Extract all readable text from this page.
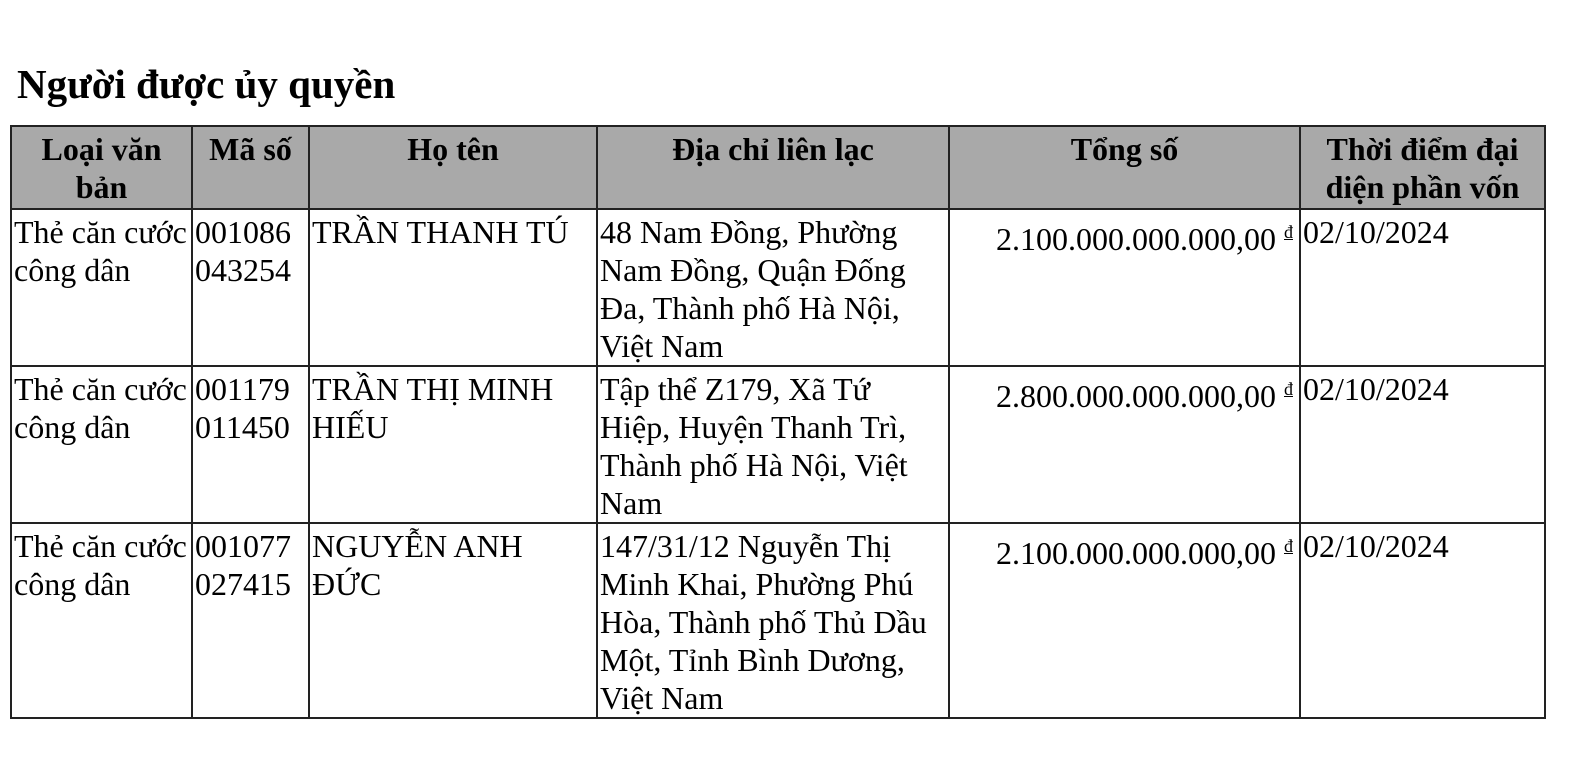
Người được ủy quyền
Loại văn bản	Mã số	Họ tên	Địa chỉ liên lạc	Tổng số	Thời điểm đại diện phần vốn
Thẻ căn cước công dân	001086 043254	TRẦN THANH TÚ	48 Nam Đồng, Phường Nam Đồng, Quận Đống Đa, Thành phố Hà Nội, Việt Nam	2.100.000.000.000,00 $^đ$	02/10/2024
Thẻ căn cước công dân	001179 011450	TRẦN THỊ MINH HIẾU	Tập thể Z179, Xã Tứ Hiệp, Huyện Thanh Trì, Thành phố Hà Nội, Việt Nam	2.800.000.000.000,00 $^đ$	02/10/2024
Thẻ căn cước công dân	001077 027415	NGUYỄN ANH ĐỨC	147/31/12 Nguyễn Thị Minh Khai, Phường Phú Hòa, Thành phố Thủ Dầu Một, Tỉnh Bình Dương, Việt Nam	2.100.000.000.000,00 $^đ$	02/10/2024
